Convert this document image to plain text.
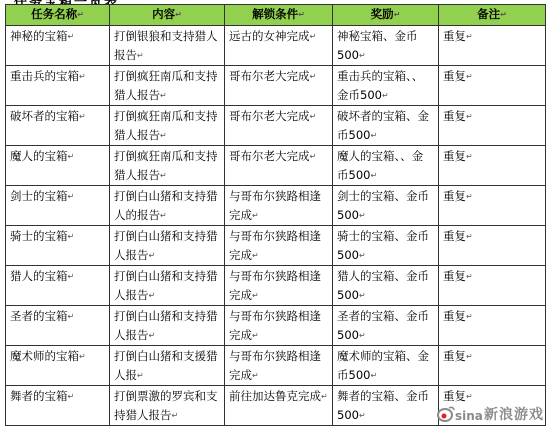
任务名称↵	内容↵	解锁条件↵	奖励↵	备注↵
神秘的宝箱↵	打倒银狼和支持猎人报告↵	远古的女神完成↵	神秘宝箱、金币500↵	重复↵
重击兵的宝箱↵	打倒疯狂南瓜和支持猎人报告↵	哥布尔老大完成↵	重击兵的宝箱、、金币500↵	重复↵
破坏者的宝箱↵	打倒疯狂南瓜和支持猎人报告↵	哥布尔老大完成↵	破坏者的宝箱、金币500↵	重复↵
魔人的宝箱↵	打倒疯狂南瓜和支持猎人报告↵	哥布尔老大完成↵	魔人的宝箱、、金币500↵	重复↵
剑士的宝箱↵	打倒白山猪和支持猎人的报告↵	与哥布尔狭路相逢完成↵	剑士的宝箱、金币500↵	重复↵
骑士的宝箱↵	打倒白山猪和支持猎人报告↵	与哥布尔狭路相逢完成↵	骑士的宝箱、金币500↵	重复↵
猎人的宝箱↵	打倒白山猪和支持猎人报告↵	与哥布尔狭路相逢完成↵	猎人的宝箱、金币500↵	重复↵
圣者的宝箱↵	打倒白山猪和支持猎人报告↵	与哥布尔狭路相逢完成↵	圣者的宝箱、金币500↵	重复↵
魔术师的宝箱↵	打倒白山猪和支援猎人报↵	与哥布尔狭路相逢完成↵	魔术师的宝箱、金币500↵	重复↵
舞者的宝箱↵	打倒票激的罗宾和支持猎人报告↵	前往加达鲁克完成↵	舞者的宝箱、金币500↵	重复↵
sina 新浪游戏
